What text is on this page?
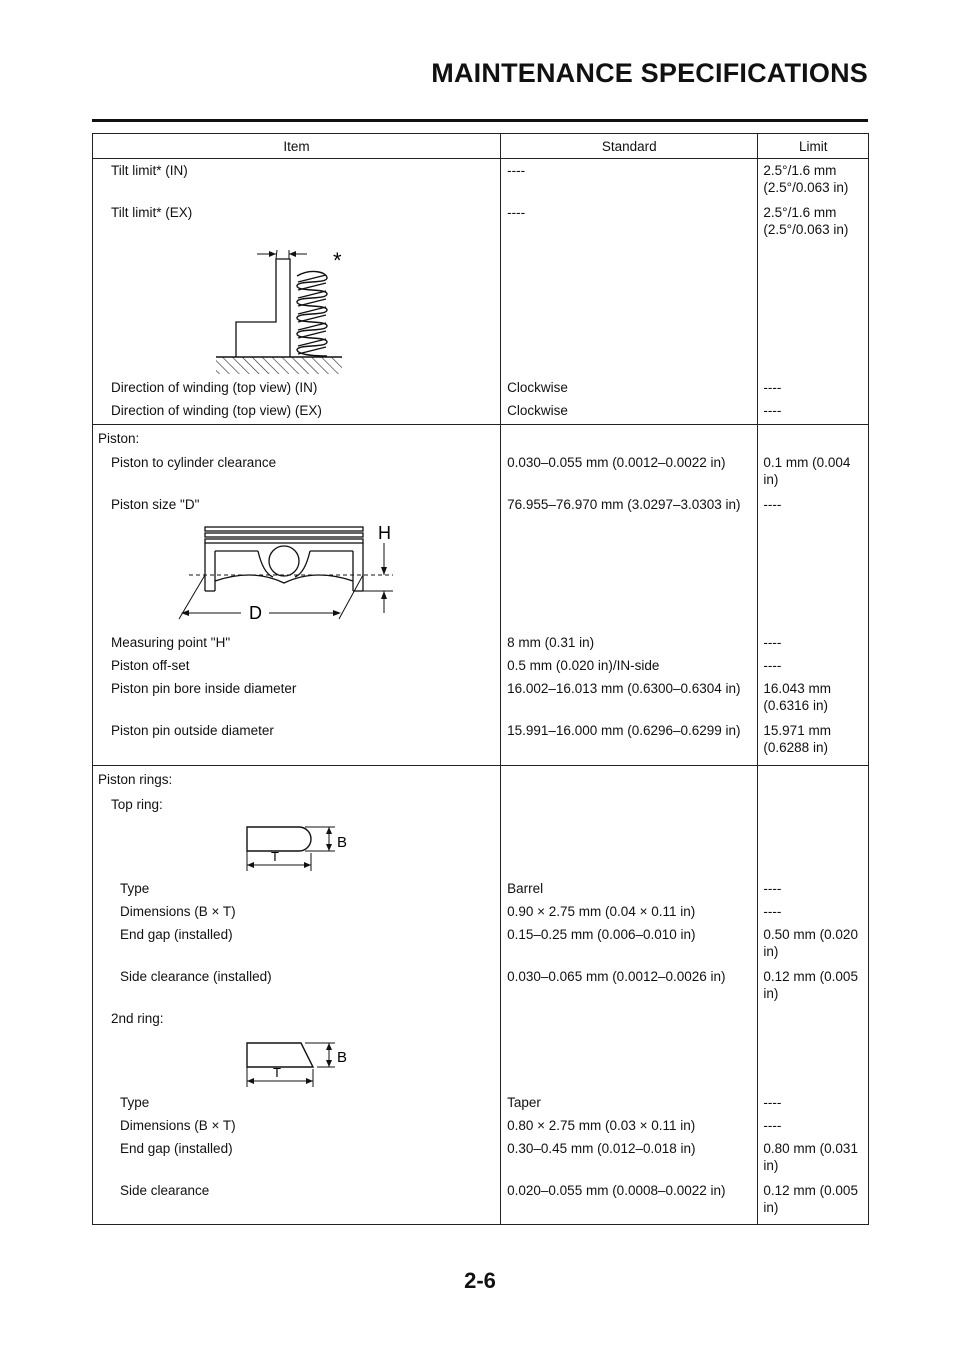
MAINTENANCE SPECIFICATIONS
Item	Standard	Limit
Tilt limit* (IN)	----	2.5°/1.6 mm
(2.5°/0.063 in)
Tilt limit* (EX)	----	2.5°/1.6 mm
(2.5°/0.063 in)

*		

Direction of winding (top view) (IN)	Clockwise	----
Direction of winding (top view) (EX)	Clockwise	----
Piston:		
Piston to cylinder clearance	0.030–0.055 mm (0.0012–0.0022 in)	0.1 mm (0.004
in)
Piston size "D"	76.955–76.970 mm (3.0297–3.0303 in)	----

H
D		

Measuring point "H"	8 mm (0.31 in)	----
Piston off-set	0.5 mm (0.020 in)/IN-side	----
Piston pin bore inside diameter	16.002–16.013 mm (0.6300–0.6304 in)	16.043 mm
(0.6316 in)
Piston pin outside diameter	15.991–16.000 mm (0.6296–0.6299 in)	15.971 mm
(0.6288 in)
Piston rings:		
Top ring:		

B
T		

Type	Barrel	----
Dimensions (B × T)	0.90 × 2.75 mm (0.04 × 0.11 in)	----
End gap (installed)	0.15–0.25 mm (0.006–0.010 in)	0.50 mm (0.020
in)
Side clearance (installed)	0.030–0.065 mm (0.0012–0.0026 in)	0.12 mm (0.005
in)
2nd ring:		

B
T		

Type	Taper	----
Dimensions (B × T)	0.80 × 2.75 mm (0.03 × 0.11 in)	----
End gap (installed)	0.30–0.45 mm (0.012–0.018 in)	0.80 mm (0.031
in)
Side clearance	0.020–0.055 mm (0.0008–0.0022 in)	0.12 mm (0.005
in)
2-6
